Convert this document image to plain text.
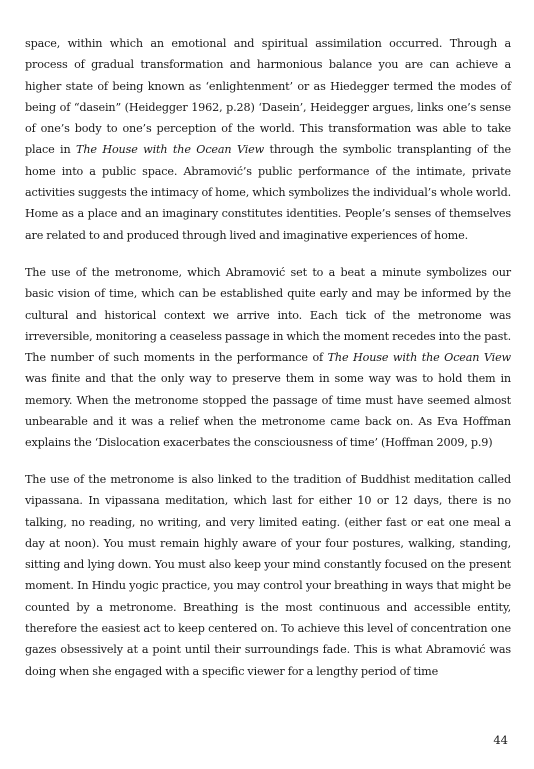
space, within which an emotional and spiritual assimilation occurred. Through a process of gradual transformation and harmonious balance you are can achieve a higher state of being known as ‘enlightenment’ or as Hiedegger termed the modes of being of “dasein” (Heidegger 1962, p.28) ‘Dasein’, Heidegger argues, links one’s sense of one’s body to one’s perception of the world. This transformation was able to take place in The House with the Ocean View through the symbolic transplanting of the home into a public space. Abramović’s public performance of the intimate, private activities suggests the intimacy of home, which symbolizes the individual’s whole world. Home as a place and an imaginary constitutes identities. People’s senses of themselves are related to and produced through lived and imaginative experiences of home.

The use of the metronome, which Abramović set to a beat a minute symbolizes our basic vision of time, which can be established quite early and may be informed by the cultural and historical context we arrive into. Each tick of the metronome was irreversible, monitoring a ceaseless passage in which the moment recedes into the past. The number of such moments in the performance of The House with the Ocean View was finite and that the only way to preserve them in some way was to hold them in memory. When the metronome stopped the passage of time must have seemed almost unbearable and it was a relief when the metronome came back on. As Eva Hoffman explains the ‘Dislocation exacerbates the consciousness of time’ (Hoffman 2009, p.9)

The use of the metronome is also linked to the tradition of Buddhist meditation called vipassana. In vipassana meditation, which last for either 10 or 12 days, there is no talking, no reading, no writing, and very limited eating. (either fast or eat one meal a day at noon). You must remain highly aware of your four postures, walking, standing, sitting and lying down. You must also keep your mind constantly focused on the present moment. In Hindu yogic practice, you may control your breathing in ways that might be counted by a metronome. Breathing is the most continuous and accessible entity, therefore the easiest act to keep centered on. To achieve this level of concentration one gazes obsessively at a point until their surroundings fade. This is what Abramović was doing when she engaged with a specific viewer for a lengthy period of time

44
